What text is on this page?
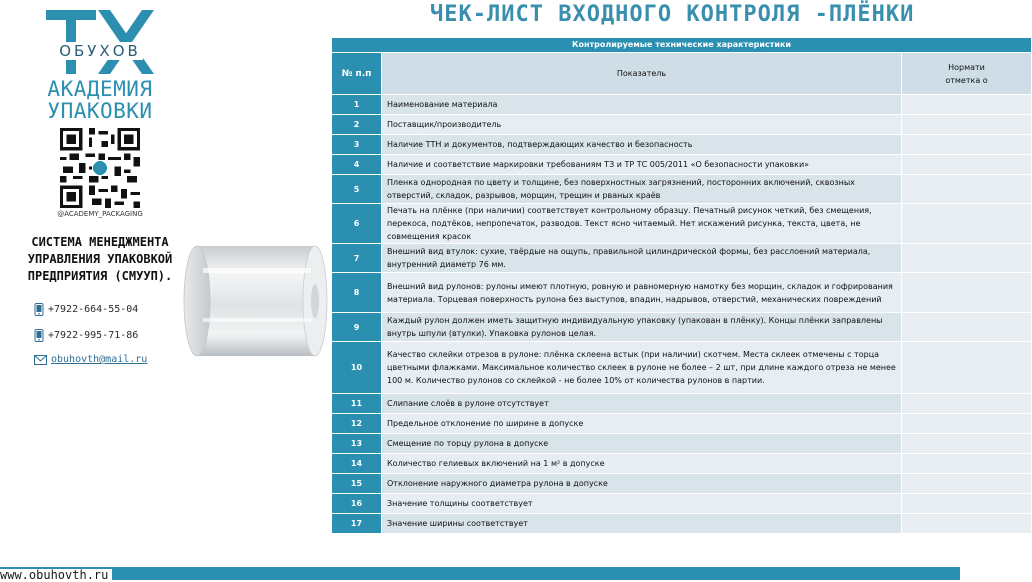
ОБУХОВ
АКАДЕМИЯ
УПАКОВКИ
@ACADEMY_PACKAGING
СИСТЕМА МЕНЕДЖМЕНТА
УПРАВЛЕНИЯ УПАКОВКОЙ
ПРЕДПРИЯТИЯ (СМУУП).
+7922-664-55-04
+7922-995-71-86
obuhovth@mail.ru
ЧЕК-ЛИСТ ВХОДНОГО КОНТРОЛЯ -ПЛЁНКИ
Контролируемые технические характеристики		
№ п.п	Показатель	Нормати
отметка о

1	Наименование материала	
2	Поставщик/производитель	
3	Наличие ТТН и документов, подтверждающих качество и безопасность	
4	Наличие и соответствие маркировки требованиям ТЗ и ТР ТС 005/2011 «О безопасности упаковки»	
5	Пленка однородная по цвету и толщине, без поверхностных загрязнений, посторонних включений, сквозных отверстий, складок, разрывов, морщин, трещин и рваных краёв	
6	Печать на плёнке (при наличии) соответствует контрольному образцу. Печатный рисунок четкий, без смещения, перекоса, подтёков, непропечаток, разводов. Текст ясно читаемый. Нет искажений рисунка, текста, цвета, не совмещения красок	
7	Внешний вид втулок: сухие, твёрдые на ощупь, правильной цилиндрической формы, без расслоений материала, внутренний диаметр 76 мм.	
8	Внешний вид рулонов: рулоны имеют плотную, ровную и равномерную намотку без морщин, складок и гофрирования материала. Торцевая поверхность рулона без выступов, впадин, надрывов, отверстий, механических повреждений	
9	Каждый рулон должен иметь защитную индивидуальную упаковку (упакован в плёнку). Концы плёнки заправлены внутрь шпули (втулки). Упаковка рулонов целая.	
10	Качество склейки отрезов в рулоне: плёнка склеена встык (при наличии) скотчем. Места склеек отмечены с торца цветными флажками. Максимальное количество склеек в рулоне не более – 2 шт, при длине каждого отреза не менее 100 м. Количество рулонов со склейкой - не более 10% от количества рулонов в партии.	
11	Слипание слоёв в рулоне отсутствует	
12	Предельное отклонение по ширине в допуске	
13	Смещение по торцу рулона в допуске	
14	Количество гелиевых включений на 1 м² в допуске	
15	Отклонение наружного диаметра рулона в допуске	
16	Значение толщины соответствует	
17	Значение ширины соответствует	
www.obuhovth.ru
